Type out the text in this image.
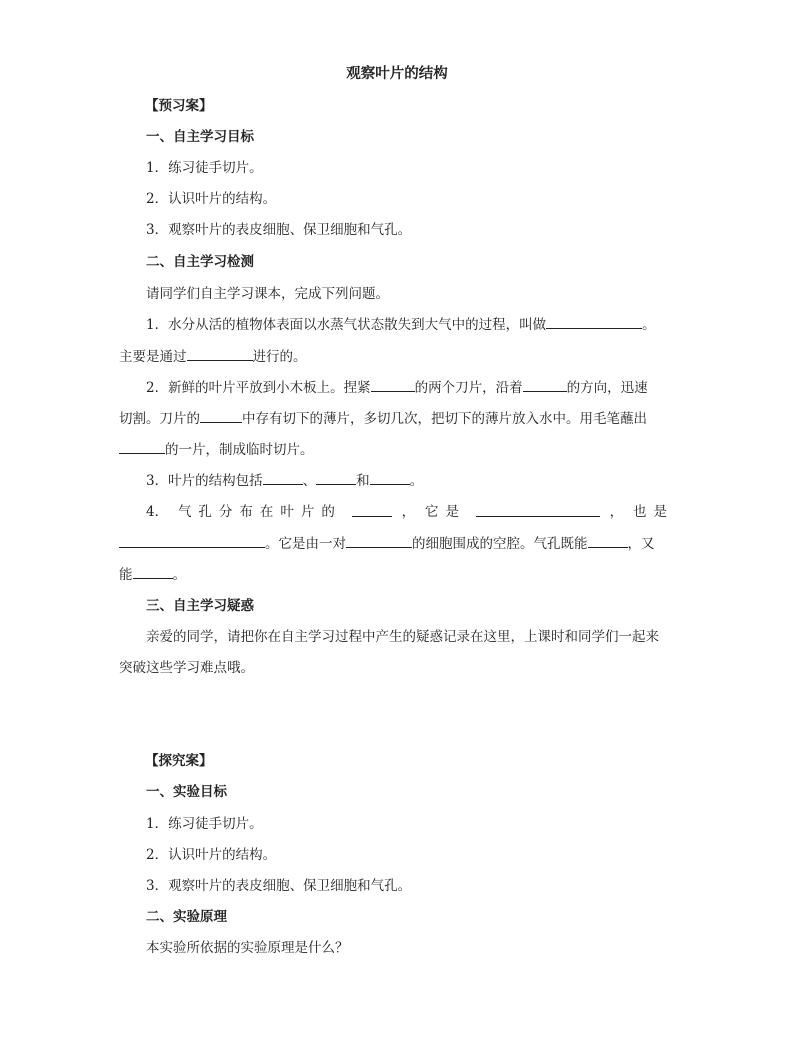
观察叶片的结构
【预习案】
一、自主学习目标
1．练习徒手切片。
2．认识叶片的结构。
3．观察叶片的表皮细胞、保卫细胞和气孔。
二、自主学习检测
请同学们自主学习课本，完成下列问题。
1．水分从活的植物体表面以水蒸气状态散失到大气中的过程，叫做	。
主要是通过	进行的。
2．新鲜的叶片平放到小木板上。捏紧	的两个刀片，沿着	的方向，迅速
切割。刀片的	中存有切下的薄片，多切几次，把切下的薄片放入水中。用毛笔蘸出
的一片，制成临时切片。
3．叶片的结构包括	、	和	。
4． 气孔分布在叶片的	， 它是	， 也是
。它是由一对	的细胞围成的空腔。气孔既能	，又
能	。
三、自主学习疑惑
亲爱的同学，请把你在自主学习过程中产生的疑惑记录在这里，上课时和同学们一起来
突破这些学习难点哦。
【探究案】
一、实验目标
1．练习徒手切片。
2．认识叶片的结构。
3．观察叶片的表皮细胞、保卫细胞和气孔。
二、实验原理
本实验所依据的实验原理是什么？
